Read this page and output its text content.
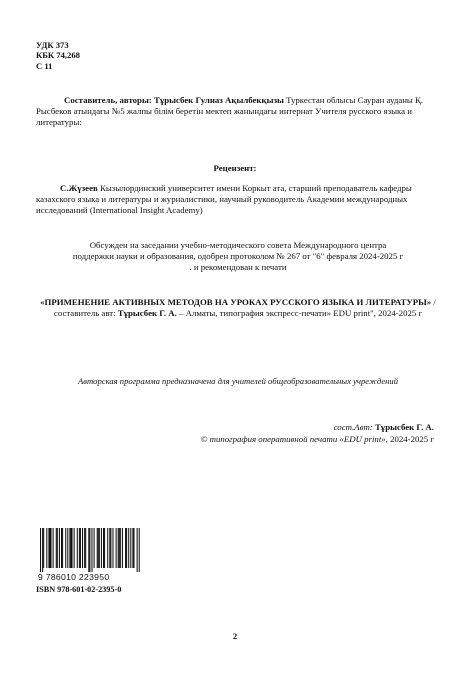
УДК 373
КБК 74,268
С 11

Составитель, авторы: Тұрысбек Гулназ Ақылбекқызы Туркестан облысы Сауран ауданы Қ. Рысбеков атындағы №5 жалпы білім беретін мектеп жанындағы интернат Учителя русского языка и литературы:

Рецензент:

С.Жүзеев Кызылординский университет имени Коркыт ата, старший преподаватель кафедры казахского языка и литературы и журналистики, научный руководитель Академии международных исследований (International Insight Academy)

Обсужден на заседании учебно-методического совета Международного центра
поддержки науки и образования, одобрен протоколом № 267 от "6" февраля 2024-2025 г
. и рекомендован к печати

«ПРИМЕНЕНИЕ АКТИВНЫХ МЕТОДОВ НА УРОКАХ РУССКОГО ЯЗЫКА И ЛИТЕРАТУРЫ» / составитель авт: Тұрысбек Г. А. – Алматы, типография экспресс-печати» EDU print", 2024-2025 г

Авторская программа предназначена для учителей общеобразовательных учреждений
сост.Авт: Тұрысбек Г. А.
© типография оперативной печати «EDU print», 2024-2025 г
9 786010 223950
ISBN 978-601-02-2395-0
2
